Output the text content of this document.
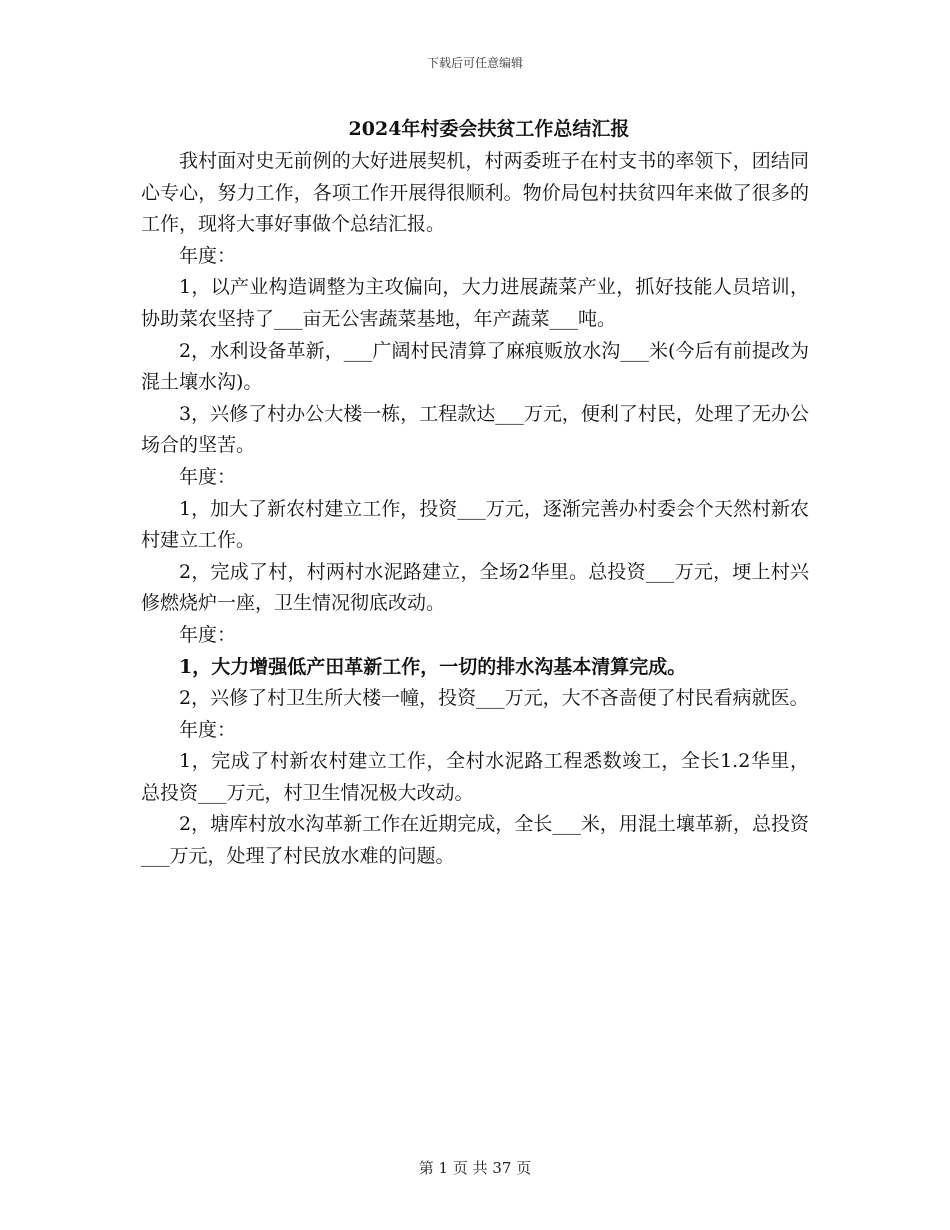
下载后可任意编辑
2024年村委会扶贫工作总结汇报

我村面对史无前例的大好进展契机，村两委班子在村支书的率领下，团结同心专心，努力工作，各项工作开展得很顺利。物价局包村扶贫四年来做了很多的工作，现将大事好事做个总结汇报。

年度：

1，以产业构造调整为主攻偏向，大力进展蔬菜产业，抓好技能人员培训，协助菜农坚持了___亩无公害蔬菜基地，年产蔬菜___吨。

2，水利设备革新，___广阔村民清算了麻痕贩放水沟___米(今后有前提改为混土壤水沟)。

3，兴修了村办公大楼一栋，工程款达___万元，便利了村民，处理了无办公场合的坚苦。

年度：

1，加大了新农村建立工作，投资___万元，逐渐完善办村委会个天然村新农村建立工作。

2，完成了村，村两村水泥路建立，全场2华里。总投资___万元，埂上村兴修燃烧炉一座，卫生情况彻底改动。

年度：

1，大力增强低产田革新工作，一切的排水沟基本清算完成。

2，兴修了村卫生所大楼一幢，投资___万元，大不吝啬便了村民看病就医。

年度：

1，完成了村新农村建立工作，全村水泥路工程悉数竣工，全长1.2华里，总投资___万元，村卫生情况极大改动。

2，塘库村放水沟革新工作在近期完成，全长___米，用混土壤革新，总投资___万元，处理了村民放水难的问题。

第 1 页 共 37 页
